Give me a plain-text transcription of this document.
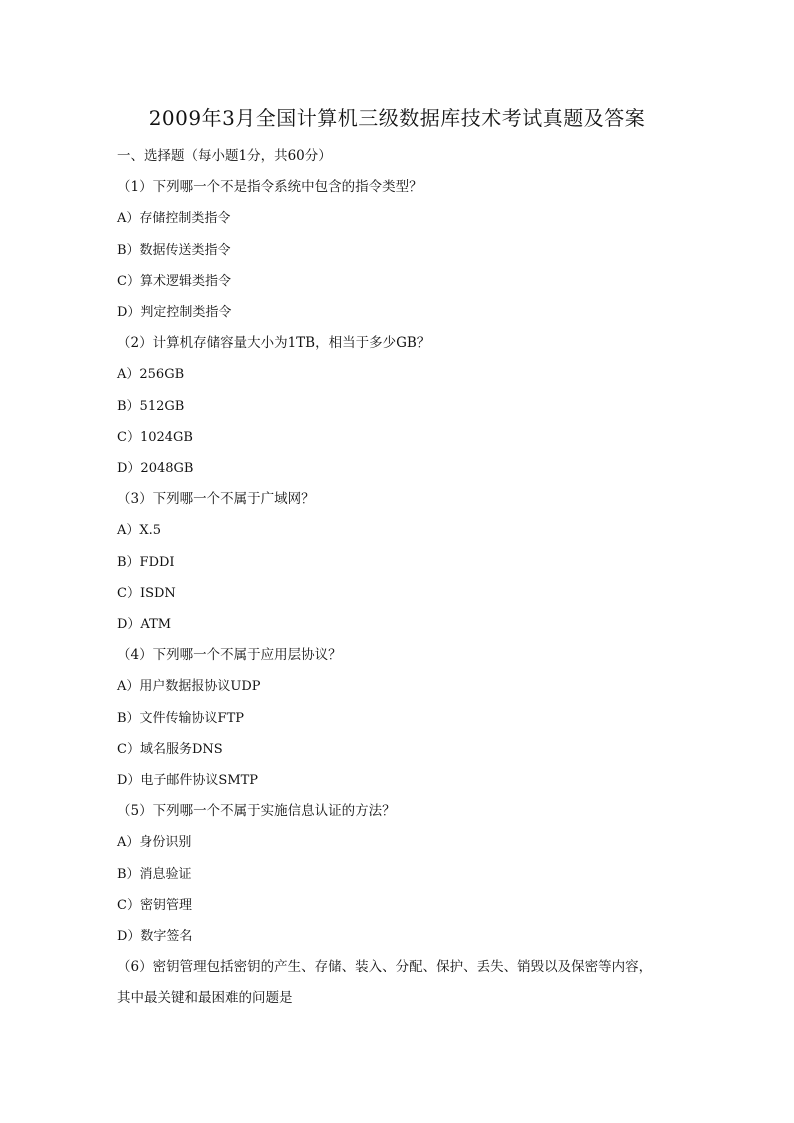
2009年3月全国计算机三级数据库技术考试真题及答案
一、选择题（每小题1分，共60分）
（1）下列哪一个不是指令系统中包含的指令类型？
A）存储控制类指令
B）数据传送类指令
C）算术逻辑类指令
D）判定控制类指令
（2）计算机存储容量大小为1TB，相当于多少GB？
A）256GB
B）512GB
C）1024GB
D）2048GB
（3）下列哪一个不属于广域网？
A）X.5
B）FDDI
C）ISDN
D）ATM
（4）下列哪一个不属于应用层协议？
A）用户数据报协议UDP
B）文件传输协议FTP
C）域名服务DNS
D）电子邮件协议SMTP
（5）下列哪一个不属于实施信息认证的方法？
A）身份识别
B）消息验证
C）密钥管理
D）数字签名
（6）密钥管理包括密钥的产生、存储、装入、分配、保护、丢失、销毁以及保密等内容，
其中最关键和最困难的问题是
